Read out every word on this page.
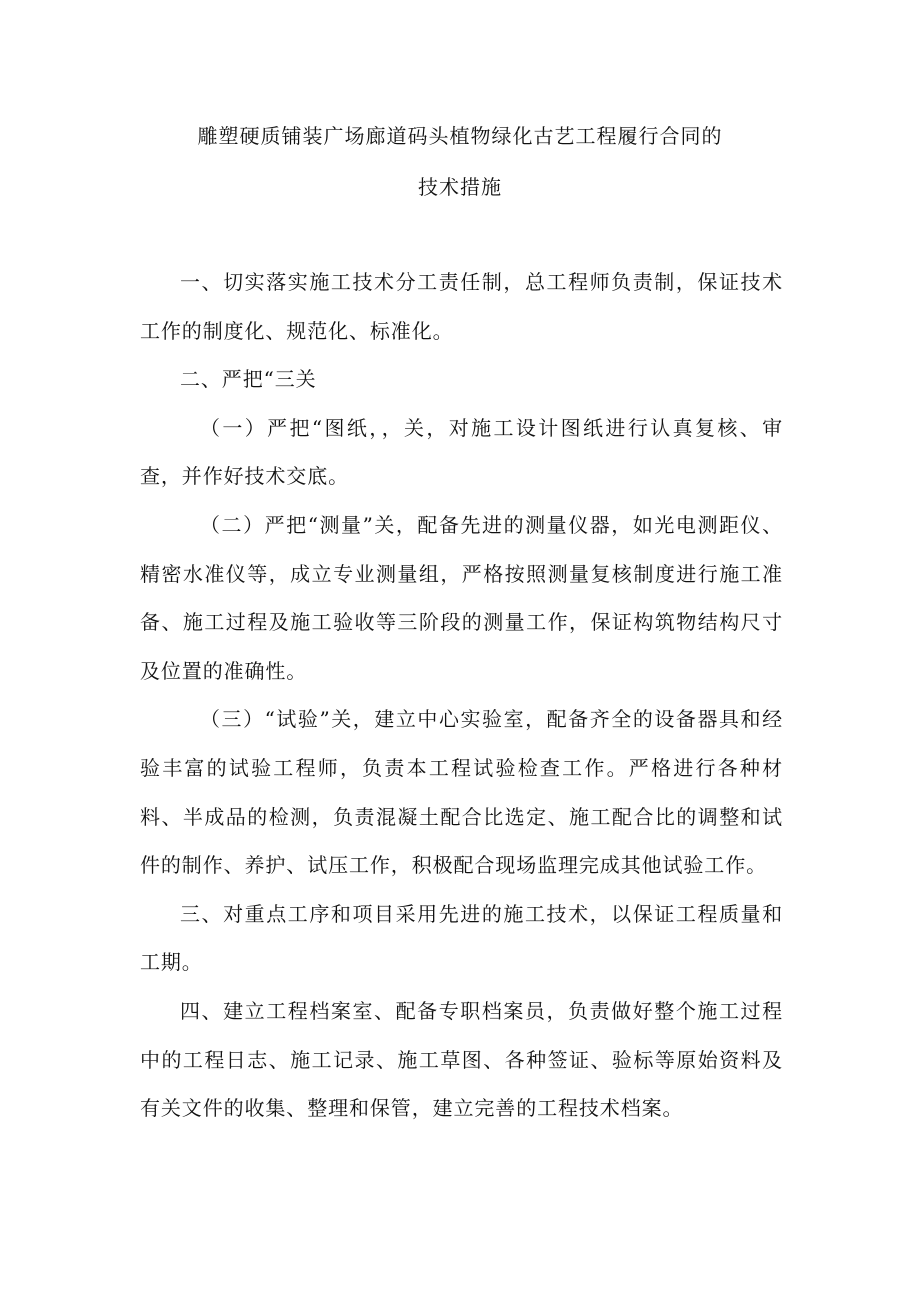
雕塑硬质铺装广场廊道码头植物绿化古艺工程履行合同的
技术措施

一、切实落实施工技术分工责任制，总工程师负责制，保证技术工作的制度化、规范化、标准化。

二、严把“三关

（一）严把“图纸，，关，对施工设计图纸进行认真复核、审查，并作好技术交底。

（二）严把“测量”关，配备先进的测量仪器，如光电测距仪、精密水准仪等，成立专业测量组，严格按照测量复核制度进行施工准备、施工过程及施工验收等三阶段的测量工作，保证构筑物结构尺寸及位置的准确性。

（三）“试验”关，建立中心实验室，配备齐全的设备器具和经验丰富的试验工程师，负责本工程试验检查工作。严格进行各种材料、半成品的检测，负责混凝土配合比选定、施工配合比的调整和试件的制作、养护、试压工作，积极配合现场监理完成其他试验工作。

三、对重点工序和项目采用先进的施工技术，以保证工程质量和工期。

四、建立工程档案室、配备专职档案员，负责做好整个施工过程中的工程日志、施工记录、施工草图、各种签证、验标等原始资料及有关文件的收集、整理和保管，建立完善的工程技术档案。
